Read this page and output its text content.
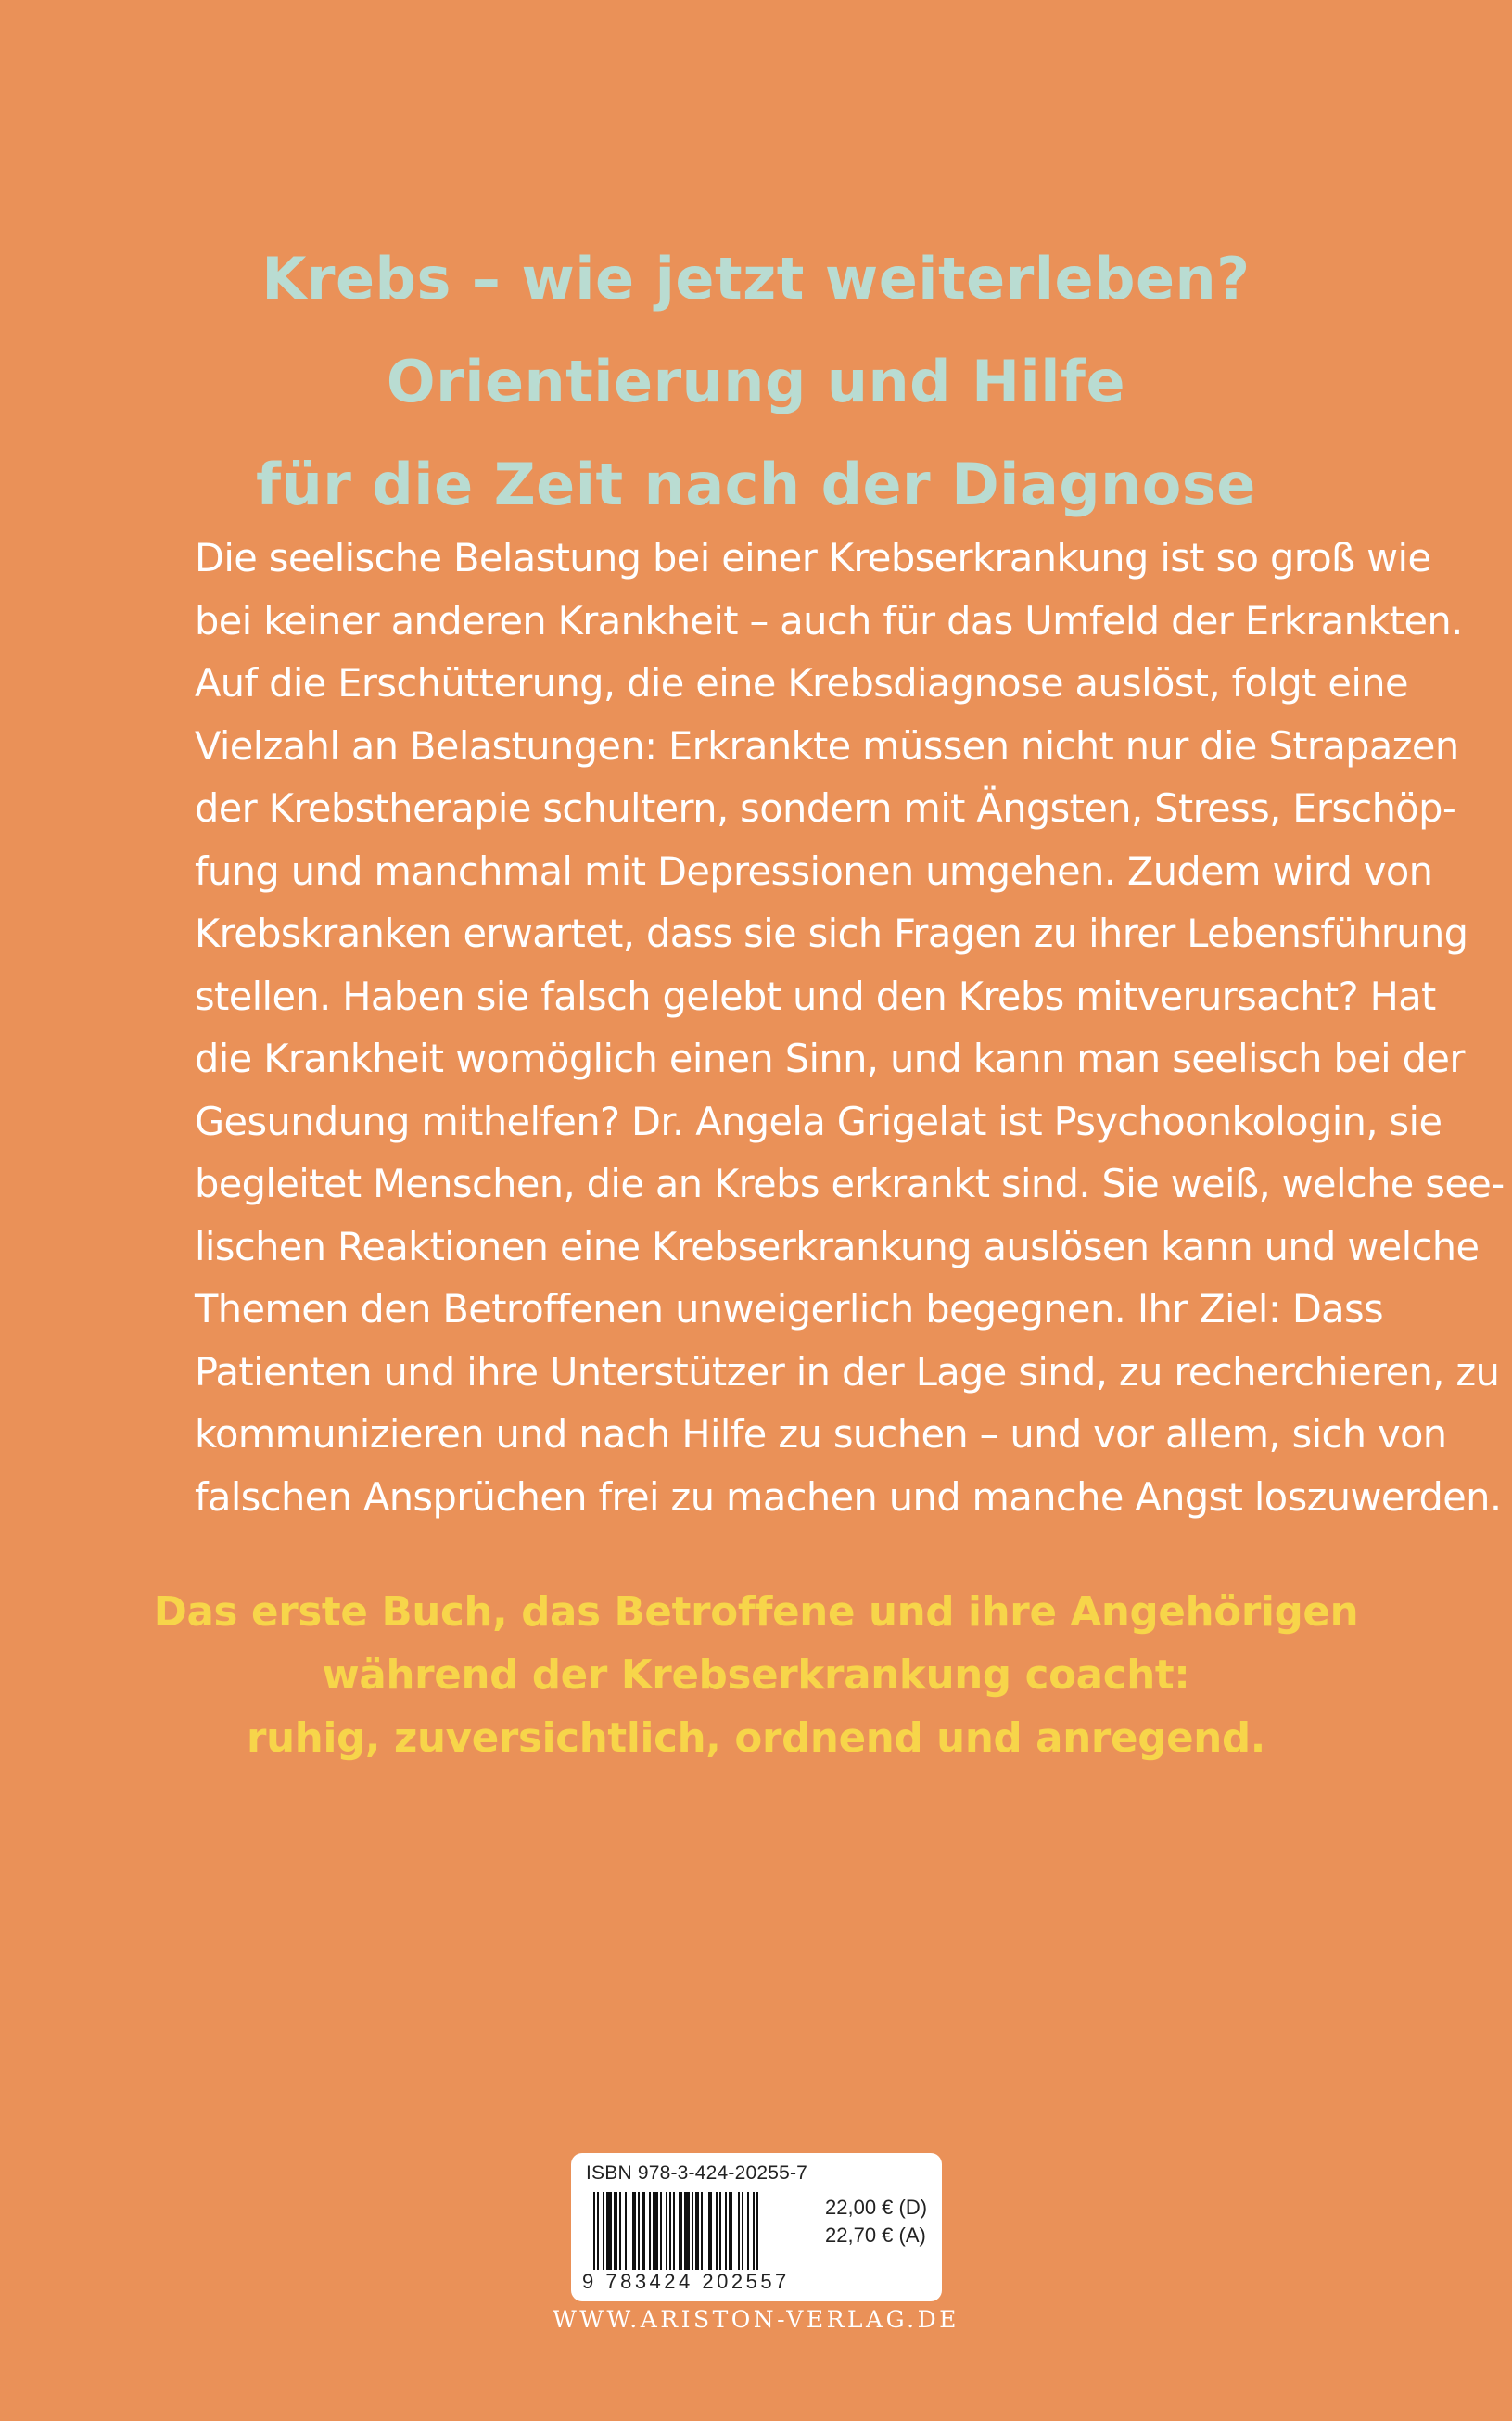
Krebs – wie jetzt weiterleben?
Orientierung und Hilfe
für die Zeit nach der Diagnose
Die seelische Belastung bei einer Krebserkrankung ist so groß wie
bei keiner anderen Krankheit – auch für das Umfeld der Erkrankten.
Auf die Erschütterung, die eine Krebsdiagnose auslöst, folgt eine
Vielzahl an Belastungen: Erkrankte müssen nicht nur die Strapazen
der Krebstherapie schultern, sondern mit Ängsten, Stress, Erschöp-
fung und manchmal mit Depressionen umgehen. Zudem wird von
Krebskranken erwartet, dass sie sich Fragen zu ihrer Lebensführung
stellen. Haben sie falsch gelebt und den Krebs mitverursacht? Hat
die Krankheit womöglich einen Sinn, und kann man seelisch bei der
Gesundung mithelfen? Dr. Angela Grigelat ist Psychoonkologin, sie
begleitet Menschen, die an Krebs erkrankt sind. Sie weiß, welche see-
lischen Reaktionen eine Krebserkrankung auslösen kann und welche
Themen den Betroffenen unweigerlich begegnen. Ihr Ziel: Dass
Patienten und ihre Unterstützer in der Lage sind, zu recherchieren, zu
kommunizieren und nach Hilfe zu suchen – und vor allem, sich von
falschen Ansprüchen frei zu machen und manche Angst loszuwerden.
Das erste Buch, das Betroffene und ihre Angehörigen
während der Krebserkrankung coacht:
ruhig, zuversichtlich, ordnend und anregend.
ISBN 978-3-424-20255-7
9 783424 202557
22,00 € (D)
22,70 € (A)
WWW.ARISTON-VERLAG.DE
